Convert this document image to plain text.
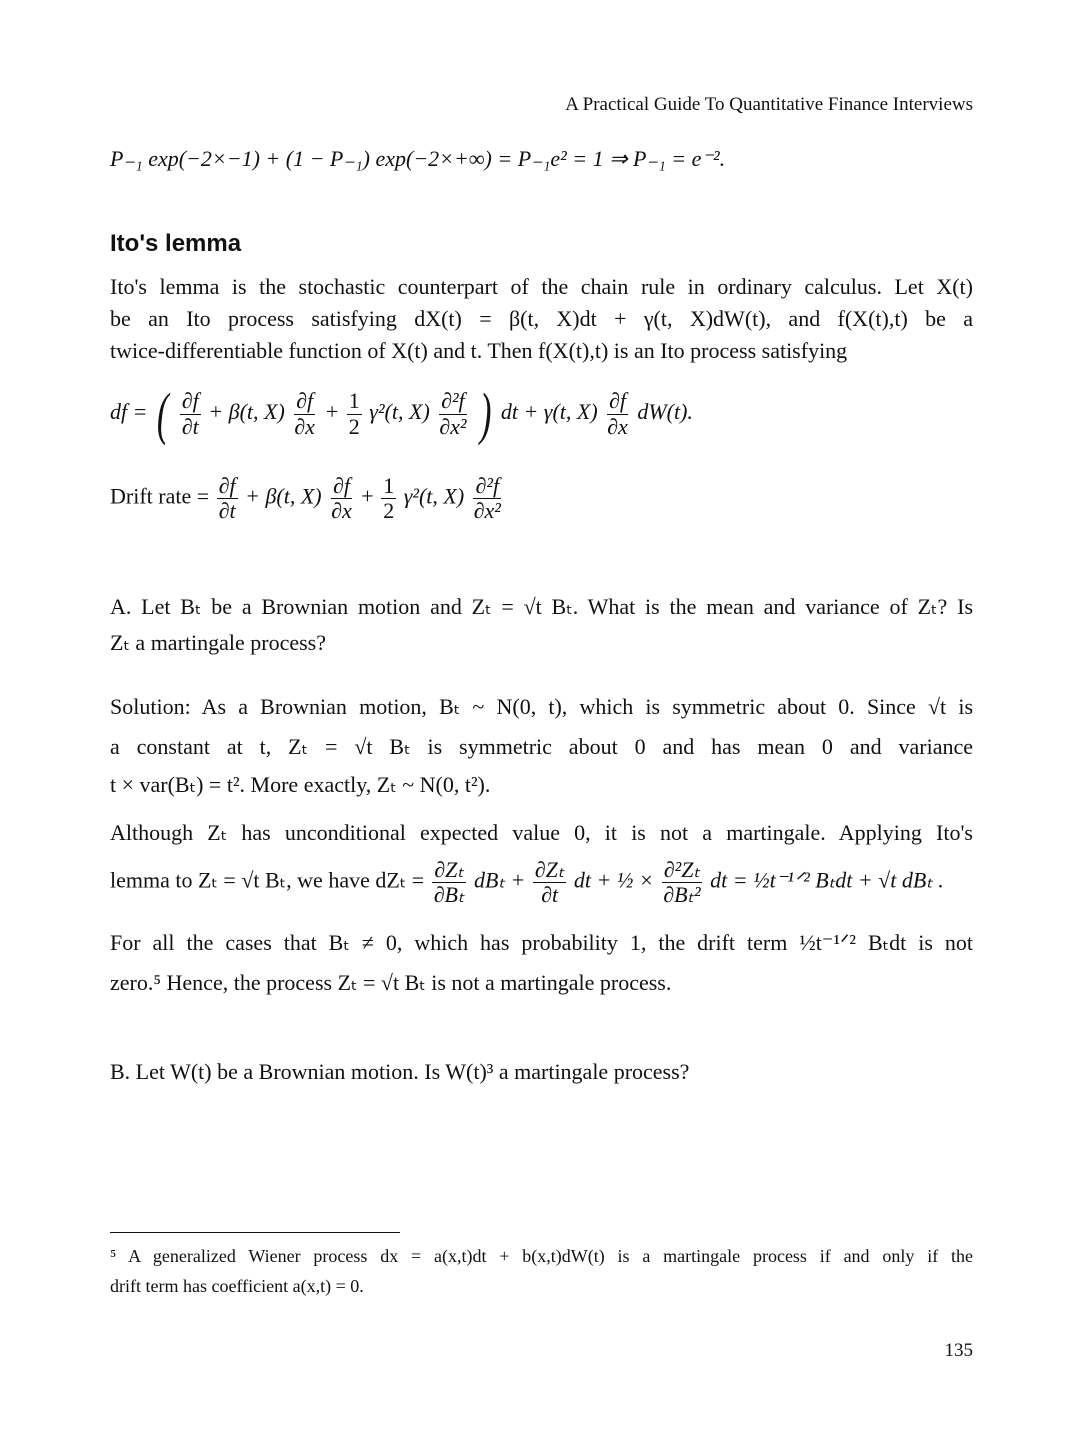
A Practical Guide To Quantitative Finance Interviews
P₋₁ exp(−2×−1) + (1 − P₋₁) exp(−2×+∞) = P₋₁e² = 1 ⇒ P₋₁ = e⁻².
Ito's lemma
Ito's lemma is the stochastic counterpart of the chain rule in ordinary calculus. Let X(t)
be an Ito process satisfying dX(t) = β(t, X)dt + γ(t, X)dW(t), and f(X(t),t) be a
twice-differentiable function of X(t) and t. Then f(X(t),t) is an Ito process satisfying
df = ( $\frac{\partial f}{\partial t} + \beta(t$, $X) \frac{\partial f}{\partial x} + \frac{1}{2} \gamma^2(t$, $X) \frac{\text{∂²f}}{\text{∂x²}}$ ) dt + γ(t, $X) \frac{\partial f}{\partial x} dW(t)$.
Drift rate = $\frac{\partial f}{\partial t} + \beta(t$, $X) \frac{\partial f}{\partial x} + \frac{1}{2} \gamma^2(t$, $X) \frac{\text{∂²f}}{\text{∂x²}}$
A. Let Bₜ be a Brownian motion and Zₜ = √t Bₜ. What is the mean and variance of Zₜ? Is
Zₜ a martingale process?
Solution: As a Brownian motion, Bₜ ~ N(0, t), which is symmetric about 0. Since √t is
a constant at t, Zₜ = √t Bₜ is symmetric about 0 and has mean 0 and variance
t × var(Bₜ) = t². More exactly, Zₜ ~ N(0, t²).
Although Zₜ has unconditional expected value 0, it is not a martingale. Applying Ito's
lemma to Zₜ = √t Bₜ, we have $dZ_t = \frac{\text{∂Zₜ}}{\text{∂Bₜ}}$ $dB_t + \frac{\text{∂Zₜ}}{\partial t}$ dt + ½ × $\frac{\text{∂²Zₜ}}{\text{∂Bₜ²}}$ dt = ½t⁻¹ᐟ² Bₜdt + √t dBₜ .
For all the cases that Bₜ ≠ 0, which has probability 1, the drift term ½t⁻¹ᐟ² Bₜdt is not
zero.⁵ Hence, the process Zₜ = √t Bₜ is not a martingale process.
B. Let W(t) be a Brownian motion. Is W(t)³ a martingale process?
⁵ A generalized Wiener process dx = a(x,t)dt + b(x,t)dW(t) is a martingale process if and only if the
drift term has coefficient a(x,t) = 0.
135
